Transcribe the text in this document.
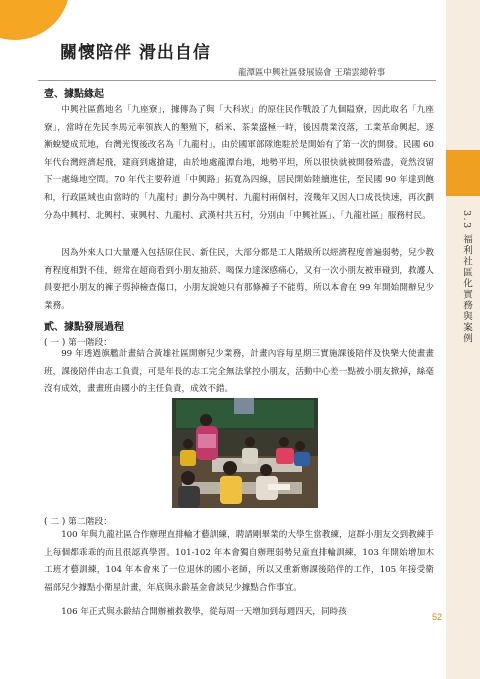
3.3 福利社區化實務與案例
52
關懷陪伴 滑出自信
龍潭區中興社區發展協會 王瑞雲總幹事
壹、據點緣起

中興社區舊地名「九座寮」，據傳為了與「大科崁」的原住民作戰設了九個隘寮，因此取名「九座寮」，當時在先民李馬元率領族人的墾殖下，稻米、茶業盛極一時，後因農業沒落，工業革命興起，逐漸蛻變成荒地，台灣光復後改名為「九龍村」，由於國軍部隊進駐於是開始有了第一次的開發。民國 60 年代台灣經濟起飛，建商到處搶建，由於地處龍潭台地，地勢平坦，所以很快就被開發殆盡，竟然沒留下一處綠地空間。70 年代主要幹道「中興路」拓寬為四線，居民開始陸續進住，至民國 90 年達到飽和，行政區域也由當時的「九龍村」劃分為中興村、九龍村兩個村，沒幾年又因人口成長快速，再次劃分為中興村、北興村、東興村、九龍村、武漢村共五村，分別由「中興社區」、「九龍社區」服務村民。

因為外來人口大量遷入包括原住民、新住民，大部分都是工人階級所以經濟程度普遍弱勢，兒少教育程度相對不佳，經常在超商看到小朋友抽菸、喝保力達深感痛心，又有一次小朋友被車碰到，救護人員要把小朋友的褲子剪掉檢查傷口，小朋友說她只有那條褲子不能剪，所以本會在 99 年開始開辦兒少業務。

貳、據點發展過程
( 一 ) 第一階段：

99 年透過旗艦計畫結合黃雄社區開辦兒少業務，計畫內容每星期三實施課後陪伴及快樂大使畫畫班，課後陪伴由志工負責，可是年長的志工完全無法掌控小朋友，活動中心差一點被小朋友掀掉，絲毫沒有成效，畫畫班由國小的主任負責，成效不錯。

( 二 ) 第二階段：

100 年與九龍社區合作辦理直排輪才藝訓練，聘請剛畢業的大學生當教練，這群小朋友交到教練手上每個都乖乖的而且很認真學習。101-102 年本會獨自辦理弱勢兒童直排輪訓練，103 年開始增加木工班才藝訓練，104 年本會來了一位退休的國小老師，所以又重新辦課後陪伴的工作，105 年接受衛福部兒少據點小衛星計畫，年底與永齡基金會談兒少據點合作事宜。

106 年正式與永齡結合開辦補救教學，從每周一天增加到每週四天，同時孩
